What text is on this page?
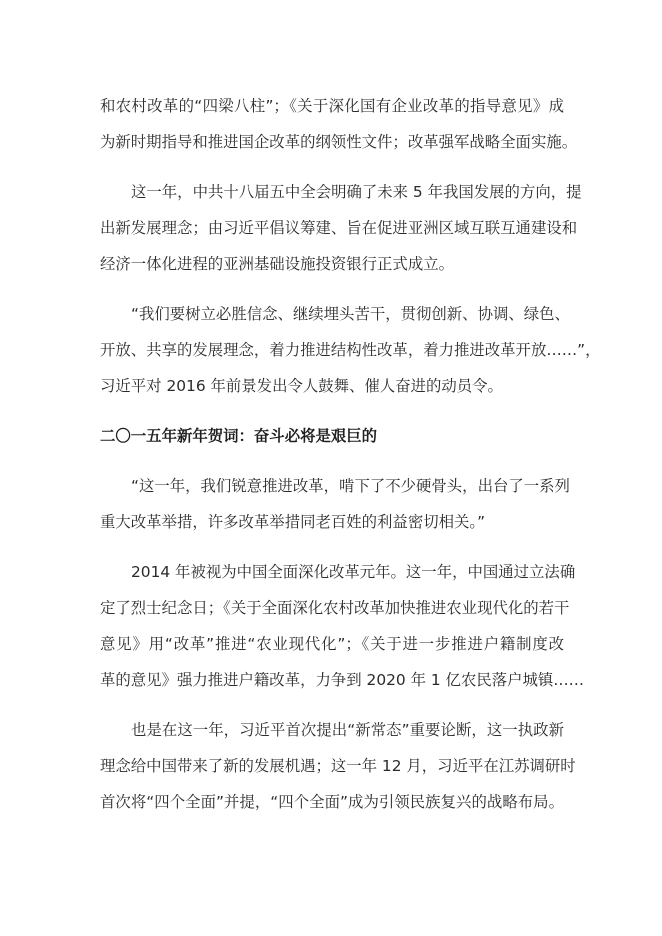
和农村改革的“四梁八柱”；《关于深化国有企业改革的指导意见》成
为新时期指导和推进国企改革的纲领性文件；改革强军战略全面实施。

这一年，中共十八届五中全会明确了未来 5 年我国发展的方向，提
出新发展理念；由习近平倡议筹建、旨在促进亚洲区域互联互通建设和
经济一体化进程的亚洲基础设施投资银行正式成立。

“我们要树立必胜信念、继续埋头苦干，贯彻创新、协调、绿色、
开放、共享的发展理念，着力推进结构性改革，着力推进改革开放……”，
习近平对 2016 年前景发出令人鼓舞、催人奋进的动员令。

二〇一五年新年贺词：奋斗必将是艰巨的

“这一年，我们锐意推进改革，啃下了不少硬骨头，出台了一系列
重大改革举措，许多改革举措同老百姓的利益密切相关。”

2014 年被视为中国全面深化改革元年。这一年，中国通过立法确
定了烈士纪念日；《关于全面深化农村改革加快推进农业现代化的若干
意见》用“改革”推进“农业现代化”；《关于进一步推进户籍制度改
革的意见》强力推进户籍改革，力争到 2020 年 1 亿农民落户城镇……

也是在这一年，习近平首次提出“新常态”重要论断，这一执政新
理念给中国带来了新的发展机遇；这一年 12 月，习近平在江苏调研时
首次将“四个全面”并提，“四个全面”成为引领民族复兴的战略布局。
